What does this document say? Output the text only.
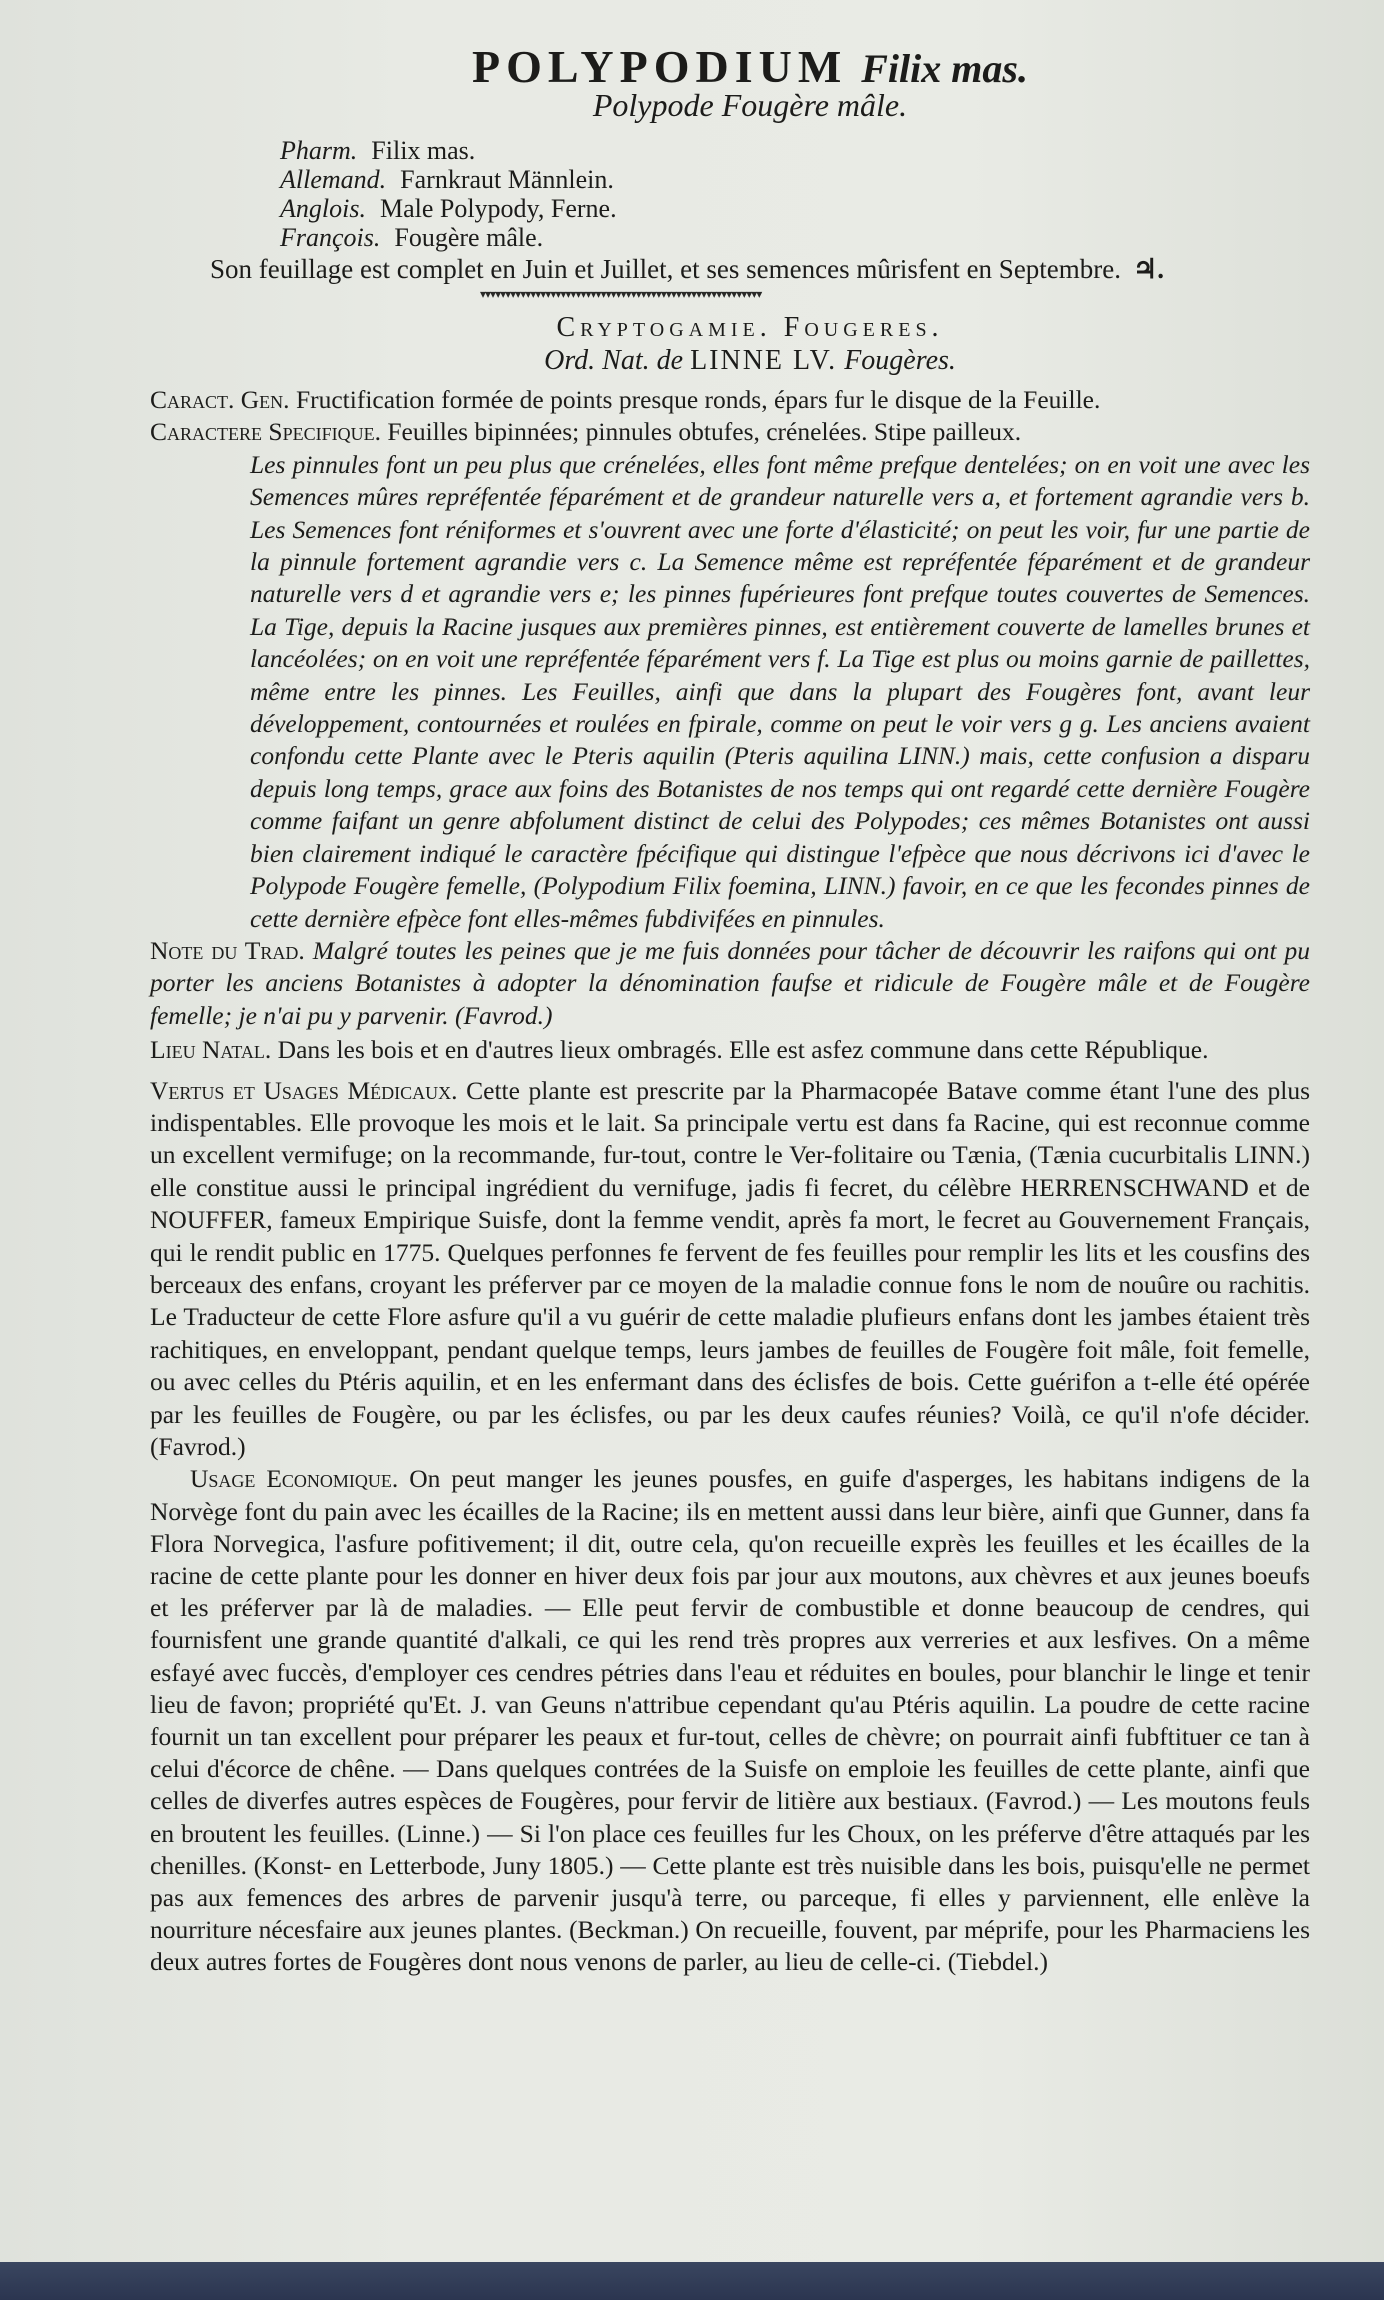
POLYPODIUM Filix mas.
Polypode Fougère mâle.
Pharm. Filix mas.
Allemand. Farnkraut Männlein.
Anglois. Male Polypody, Ferne.
François. Fougère mâle.
Son feuillage est complet en Juin et Juillet, et ses semences mûrisfent en Septembre. ♃.
▾▾▾▾▾▾▾▾▾▾▾▾▾▾▾▾▾▾▾▾▾▾▾▾▾▾▾▾▾▾▾▾▾▾▾▾▾▾▾▾▾▾▾▾▾▾▾▾▾▾▾▾▾▾▾▾
Cryptogamie. Fougeres.
Ord. Nat. de LINNE LV. Fougères.

Caract. Gen. Fructification formée de points presque ronds, épars fur le disque de la Feuille.

Caractere Specifique. Feuilles bipinnées; pinnules obtufes, crénelées. Stipe pailleux.

Les pinnules font un peu plus que crénelées, elles font même prefque dentelées; on en voit une avec les Semences mûres repréfentée féparément et de grandeur naturelle vers a, et fortement agrandie vers b. Les Semences font réniformes et s'ouvrent avec une forte d'élasticité; on peut les voir, fur une partie de la pinnule fortement agrandie vers c. La Semence même est repréfentée féparément et de grandeur naturelle vers d et agrandie vers e; les pinnes fupérieures font prefque toutes couvertes de Semences. La Tige, depuis la Racine jusques aux premières pinnes, est entièrement couverte de lamelles brunes et lancéolées; on en voit une repréfentée féparément vers f. La Tige est plus ou moins garnie de paillettes, même entre les pinnes. Les Feuilles, ainfi que dans la plupart des Fougères font, avant leur développement, contournées et roulées en fpirale, comme on peut le voir vers g g. Les anciens avaient confondu cette Plante avec le Pteris aquilin (Pteris aquilina LINN.) mais, cette confusion a disparu depuis long temps, grace aux foins des Botanistes de nos temps qui ont regardé cette dernière Fougère comme faifant un genre abfolument distinct de celui des Polypodes; ces mêmes Botanistes ont aussi bien clairement indiqué le caractère fpécifique qui distingue l'efpèce que nous décrivons ici d'avec le Polypode Fougère femelle, (Polypodium Filix foemina, LINN.) favoir, en ce que les fecondes pinnes de cette dernière efpèce font elles-mêmes fubdivifées en pinnules.

Note du Trad. Malgré toutes les peines que je me fuis données pour tâcher de découvrir les raifons qui ont pu porter les anciens Botanistes à adopter la dénomination faufse et ridicule de Fougère mâle et de Fougère femelle; je n'ai pu y parvenir. (Favrod.)

Lieu Natal. Dans les bois et en d'autres lieux ombragés. Elle est asfez commune dans cette République.

Vertus et Usages Médicaux. Cette plante est prescrite par la Pharmacopée Batave comme étant l'une des plus indispentables. Elle provoque les mois et le lait. Sa principale vertu est dans fa Racine, qui est reconnue comme un excellent vermifuge; on la recommande, fur-tout, contre le Ver-folitaire ou Tænia, (Tænia cucurbitalis LINN.) elle constitue aussi le principal ingrédient du vernifuge, jadis fi fecret, du célèbre HERRENSCHWAND et de NOUFFER, fameux Empirique Suisfe, dont la femme vendit, après fa mort, le fecret au Gouvernement Français, qui le rendit public en 1775. Quelques perfonnes fe fervent de fes feuilles pour remplir les lits et les cousfins des berceaux des enfans, croyant les préferver par ce moyen de la maladie connue fons le nom de nouûre ou rachitis. Le Traducteur de cette Flore asfure qu'il a vu guérir de cette maladie plufieurs enfans dont les jambes étaient très rachitiques, en enveloppant, pendant quelque temps, leurs jambes de feuilles de Fougère foit mâle, foit femelle, ou avec celles du Ptéris aquilin, et en les enfermant dans des éclisfes de bois. Cette guérifon a t-elle été opérée par les feuilles de Fougère, ou par les éclisfes, ou par les deux caufes réunies? Voilà, ce qu'il n'ofe décider. (Favrod.)

Usage Economique. On peut manger les jeunes pousfes, en guife d'asperges, les habitans indigens de la Norvège font du pain avec les écailles de la Racine; ils en mettent aussi dans leur bière, ainfi que Gunner, dans fa Flora Norvegica, l'asfure pofitivement; il dit, outre cela, qu'on recueille exprès les feuilles et les écailles de la racine de cette plante pour les donner en hiver deux fois par jour aux moutons, aux chèvres et aux jeunes boeufs et les préferver par là de maladies. — Elle peut fervir de combustible et donne beaucoup de cendres, qui fournisfent une grande quantité d'alkali, ce qui les rend très propres aux verreries et aux lesfives. On a même esfayé avec fuccès, d'employer ces cendres pétries dans l'eau et réduites en boules, pour blanchir le linge et tenir lieu de favon; propriété qu'Et. J. van Geuns n'attribue cependant qu'au Ptéris aquilin. La poudre de cette racine fournit un tan excellent pour préparer les peaux et fur-tout, celles de chèvre; on pourrait ainfi fubftituer ce tan à celui d'écorce de chêne. — Dans quelques contrées de la Suisfe on emploie les feuilles de cette plante, ainfi que celles de diverfes autres espèces de Fougères, pour fervir de litière aux bestiaux. (Favrod.) — Les moutons feuls en broutent les feuilles. (Linne.) — Si l'on place ces feuilles fur les Choux, on les préferve d'être attaqués par les chenilles. (Konst- en Letterbode, Juny 1805.) — Cette plante est très nuisible dans les bois, puisqu'elle ne permet pas aux femences des arbres de parvenir jusqu'à terre, ou parceque, fi elles y parviennent, elle enlève la nourriture nécesfaire aux jeunes plantes. (Beckman.) On recueille, fouvent, par méprife, pour les Pharmaciens les deux autres fortes de Fougères dont nous venons de parler, au lieu de celle-ci. (Tiebdel.)
